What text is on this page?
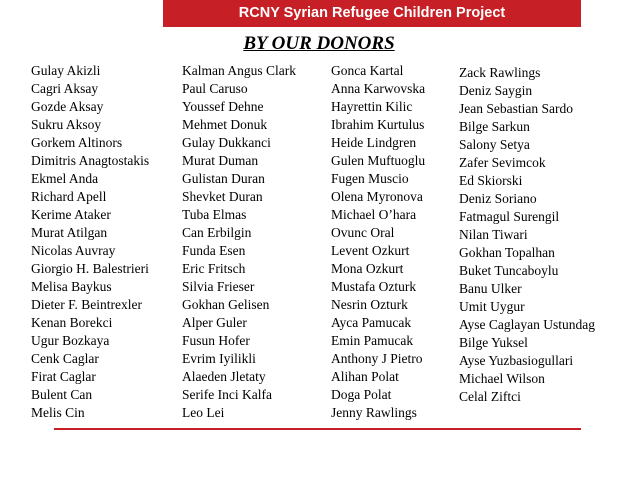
RCNY Syrian Refugee Children Project
BY OUR DONORS
Gulay Akizli
Cagri Aksay
Gozde Aksay
Sukru Aksoy
Gorkem Altinors
Dimitris Anagtostakis
Ekmel Anda
Richard Apell
Kerime Ataker
Murat Atilgan
Nicolas Auvray
Giorgio H. Balestrieri
Melisa Baykus
Dieter F. Beintrexler
Kenan Borekci
Ugur Bozkaya
Cenk Caglar
Firat Caglar
Bulent Can
Melis Cin
Kalman Angus Clark
Paul Caruso
Youssef Dehne
Mehmet Donuk
Gulay Dukkanci
Murat Duman
Gulistan Duran
Shevket Duran
Tuba Elmas
Can Erbilgin
Funda Esen
Eric Fritsch
Silvia Frieser
Gokhan Gelisen
Alper Guler
Fusun Hofer
Evrim Iyilikli
Alaeden Jletaty
Serife Inci Kalfa
Leo Lei
Gonca Kartal
Anna Karwovska
Hayrettin Kilic
Ibrahim Kurtulus
Heide Lindgren
Gulen Muftuoglu
Fugen Muscio
Olena Myronova
Michael O’hara
Ovunc Oral
Levent Ozkurt
Mona Ozkurt
Mustafa Ozturk
Nesrin Ozturk
Ayca Pamucak
Emin Pamucak
Anthony J Pietro
Alihan Polat
Doga Polat
Jenny Rawlings
Zack Rawlings
Deniz Saygin
Jean Sebastian Sardo
Bilge Sarkun
Salony Setya
Zafer Sevimcok
Ed Skiorski
Deniz Soriano
Fatmagul Surengil
Nilan Tiwari
Gokhan Topalhan
Buket Tuncaboylu
Banu Ulker
Umit Uygur
Ayse Caglayan Ustundag
Bilge Yuksel
Ayse Yuzbasiogullari
Michael Wilson
Celal Ziftci
